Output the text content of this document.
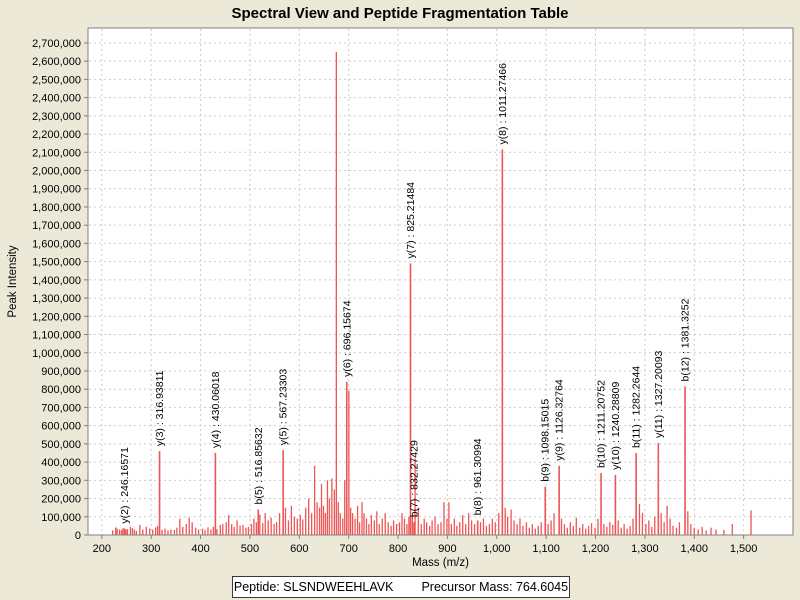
Spectral View and Peptide Fragmentation Table
y(2) : 246.16571
y(3) : 316.93811	y(4) : 430.06018
b(5) : 516.85632
y(5) : 567.23303
y(6) : 696.15674
y(7) : 825.21484
b(7) : 832.27429	b(8) : 961.30994
y(8) : 1011.27466
b(9) : 1098.15015 y(9) : 1126.32764	b(10) : 1211.20752 y(10) : 1240.28809 b(11) : 1282.2644 y(11) : 1327.20093
b(12) : 1381.3252
0
100,000
200,000
300,000
400,000
500,000
600,000
700,000
800,000
900,000
1,000,000
1,100,000
1,200,000
1,300,000
1,400,000
1,500,000
1,600,000
1,700,000
1,800,000
1,900,000
2,000,000
2,100,000
2,200,000
2,300,000
2,400,000
2,500,000
2,600,000
2,700,000
200	300	400	500	600	700	800	900 1,000 1,100 1,200 1,300 1,400 1,500
Peak Intensity
Mass (m/z)
Peptide: SLSNDWEEHLAVK Precursor Mass: 764.6045
